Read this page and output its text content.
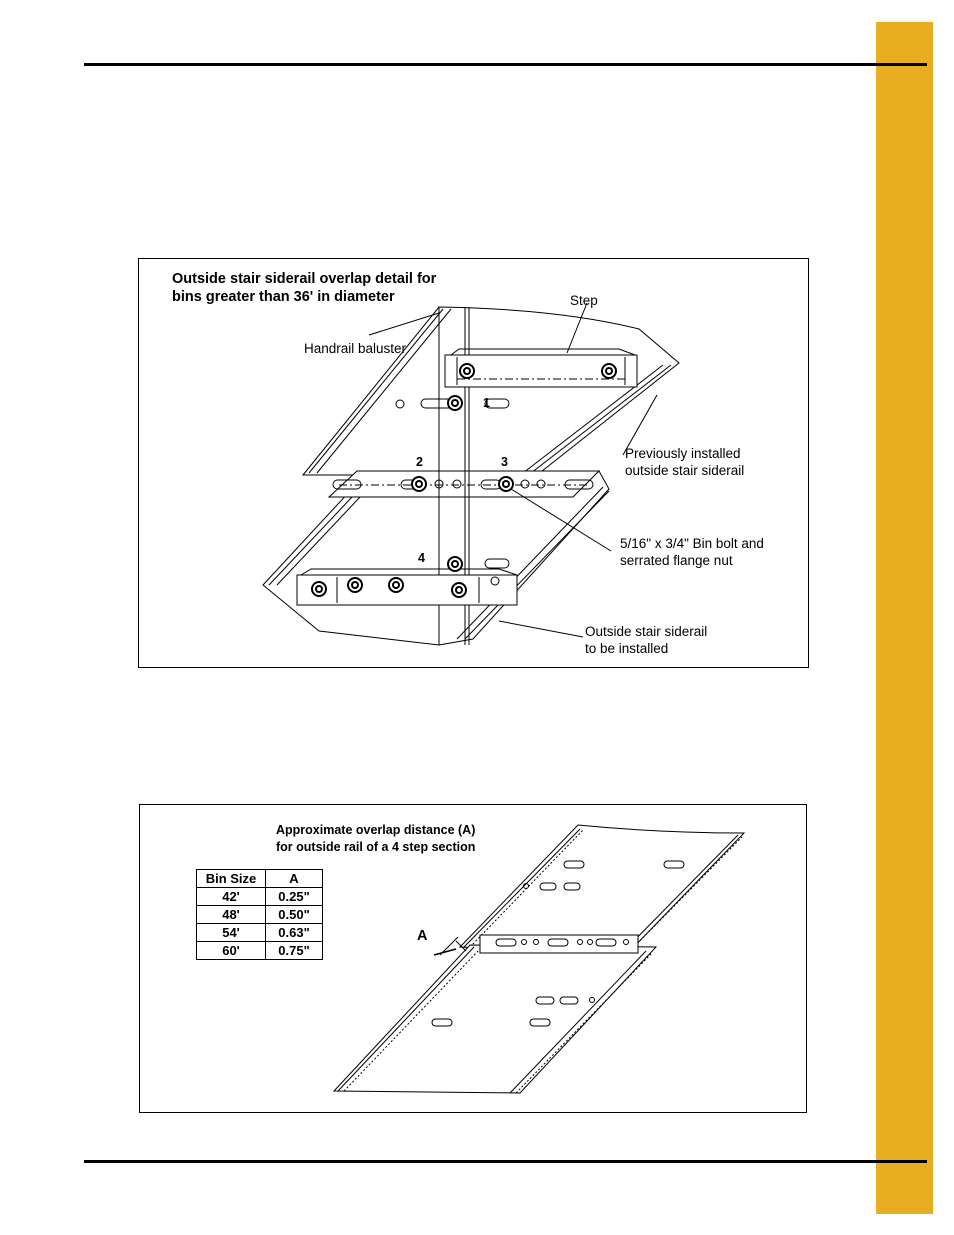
Outside stair siderail overlap detail for
bins greater than 36' in diameter	Step
Handrail baluster
Previously installed
outside stair siderail
5/16" x 3/4" Bin bolt and
serrated flange nut
Outside stair siderail
to be installed
1
2	3
4
Approximate overlap distance (A)
for outside rail of a 4 step section
A
Bin Size	A
42'	0.25"
48'	0.50"
54'	0.63"
60'	0.75"
